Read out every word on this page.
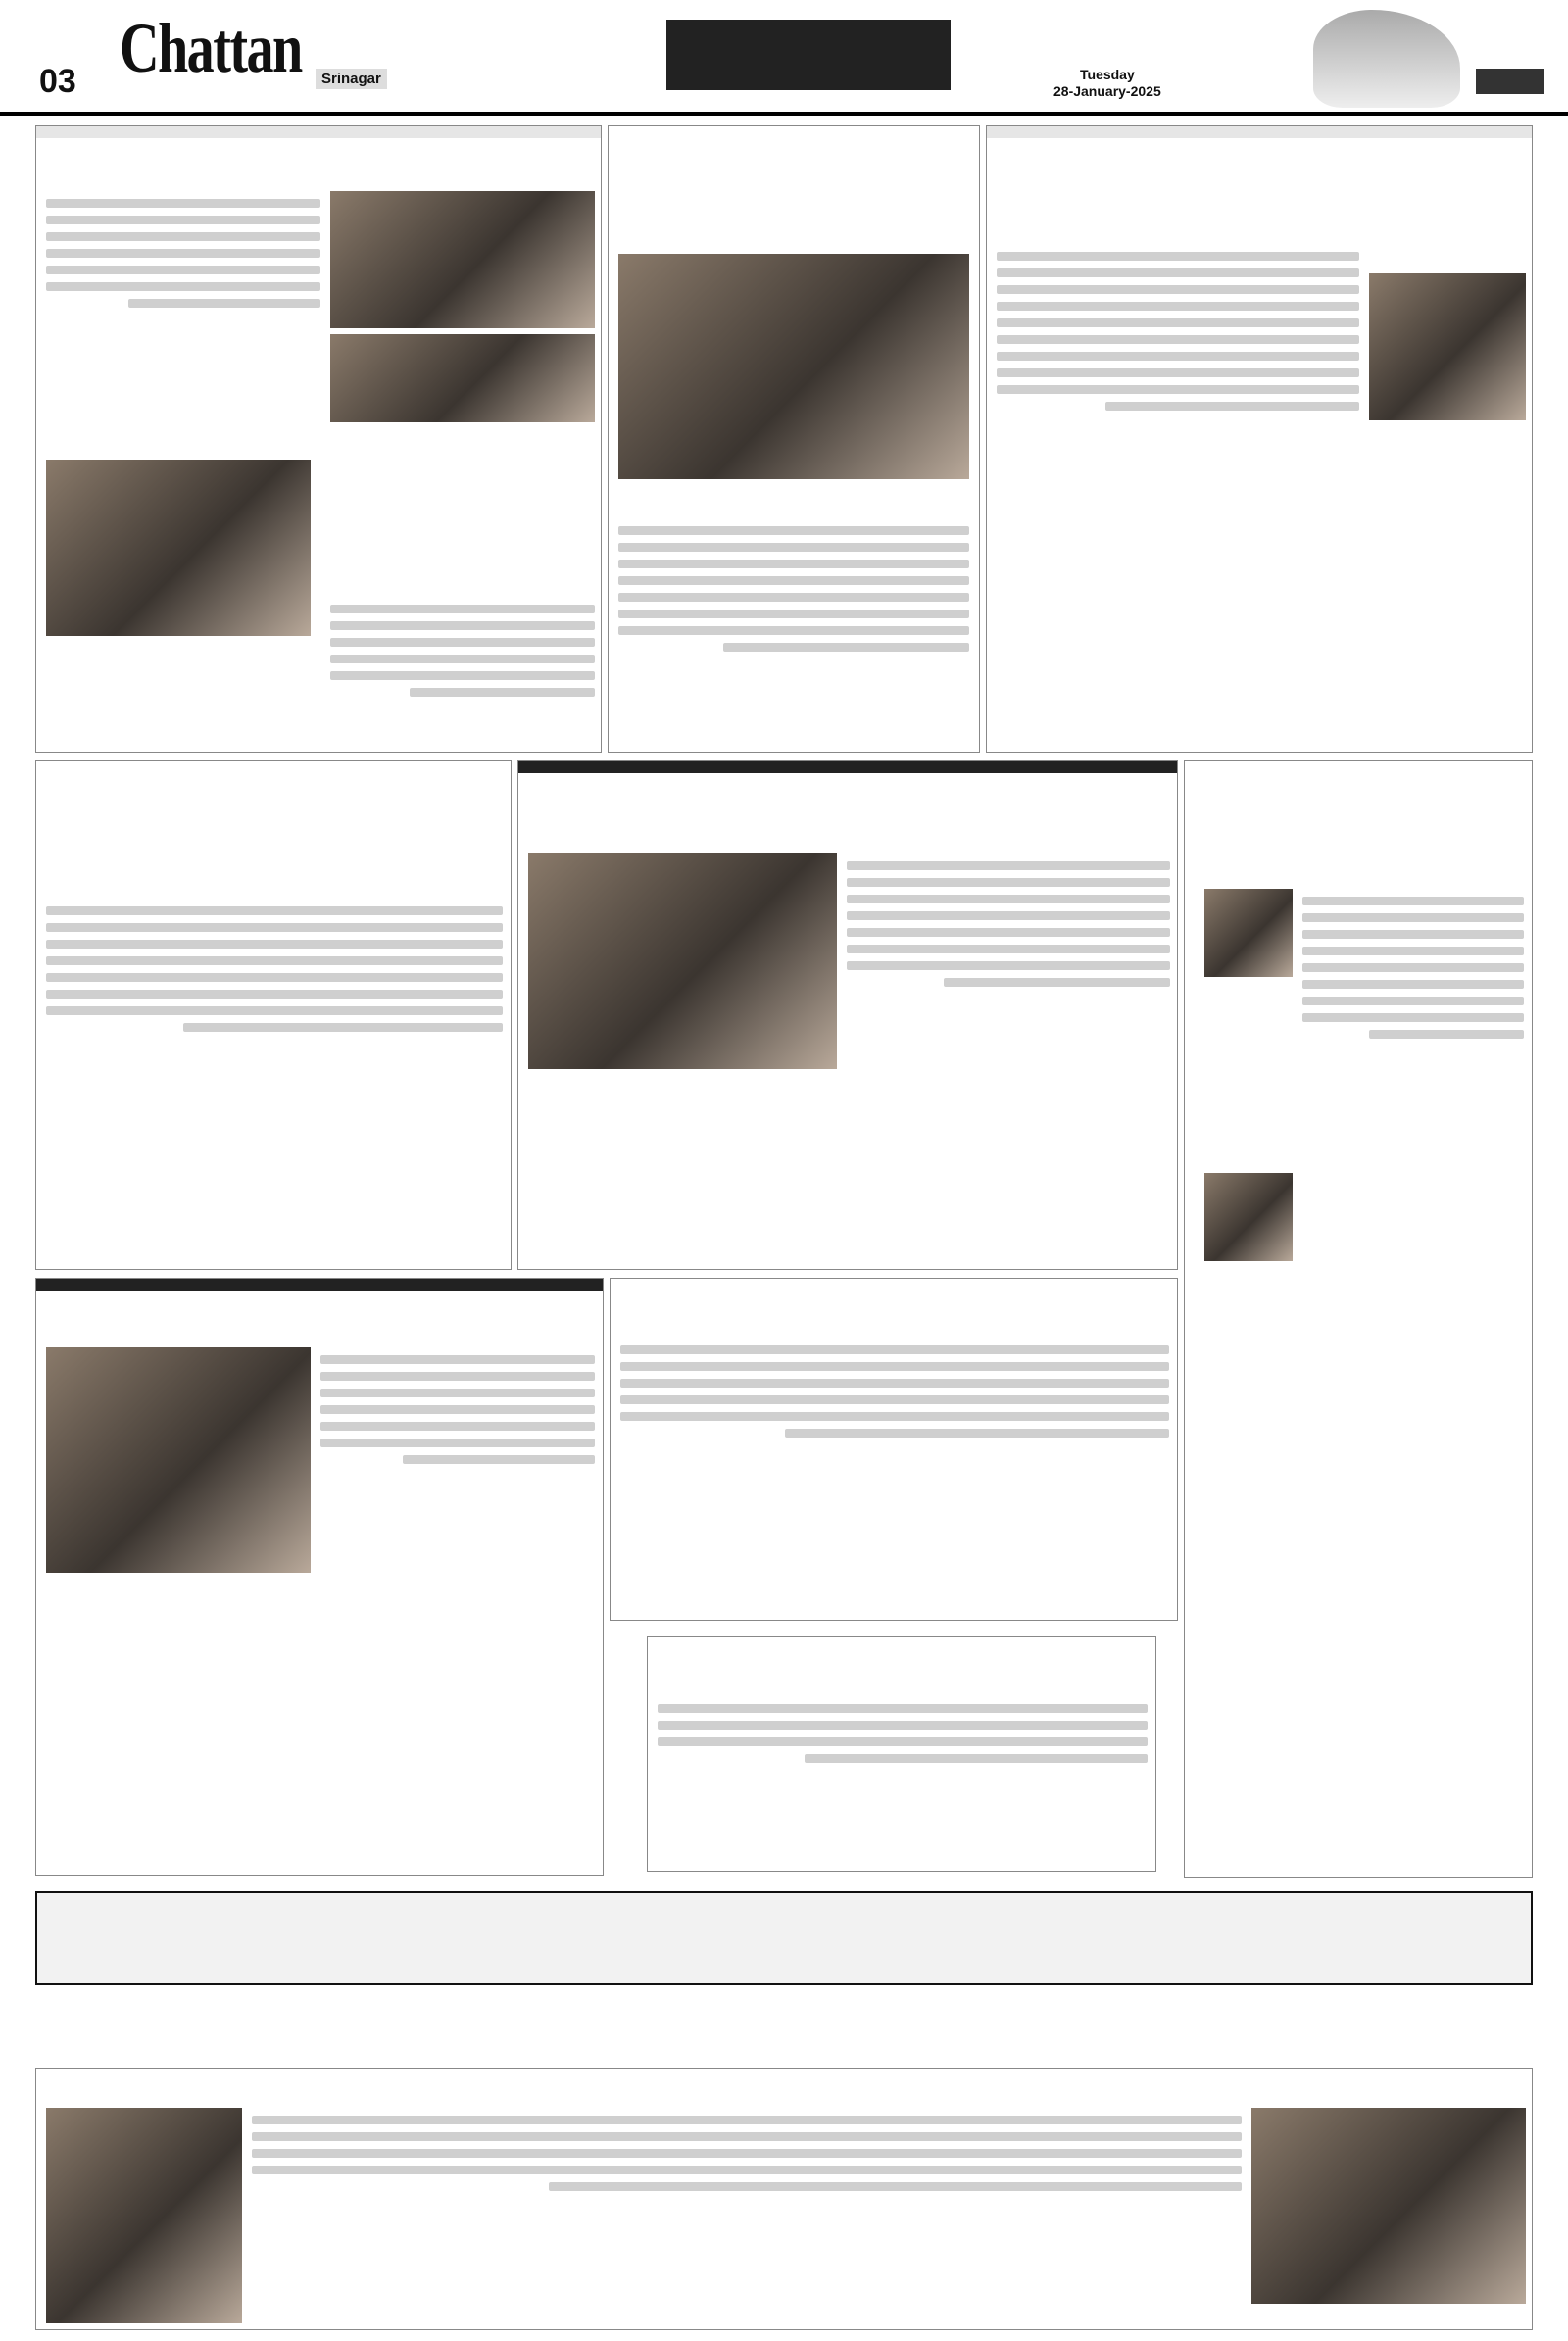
03 Chattan	Srinagar	Tuesday
28-January-2025
